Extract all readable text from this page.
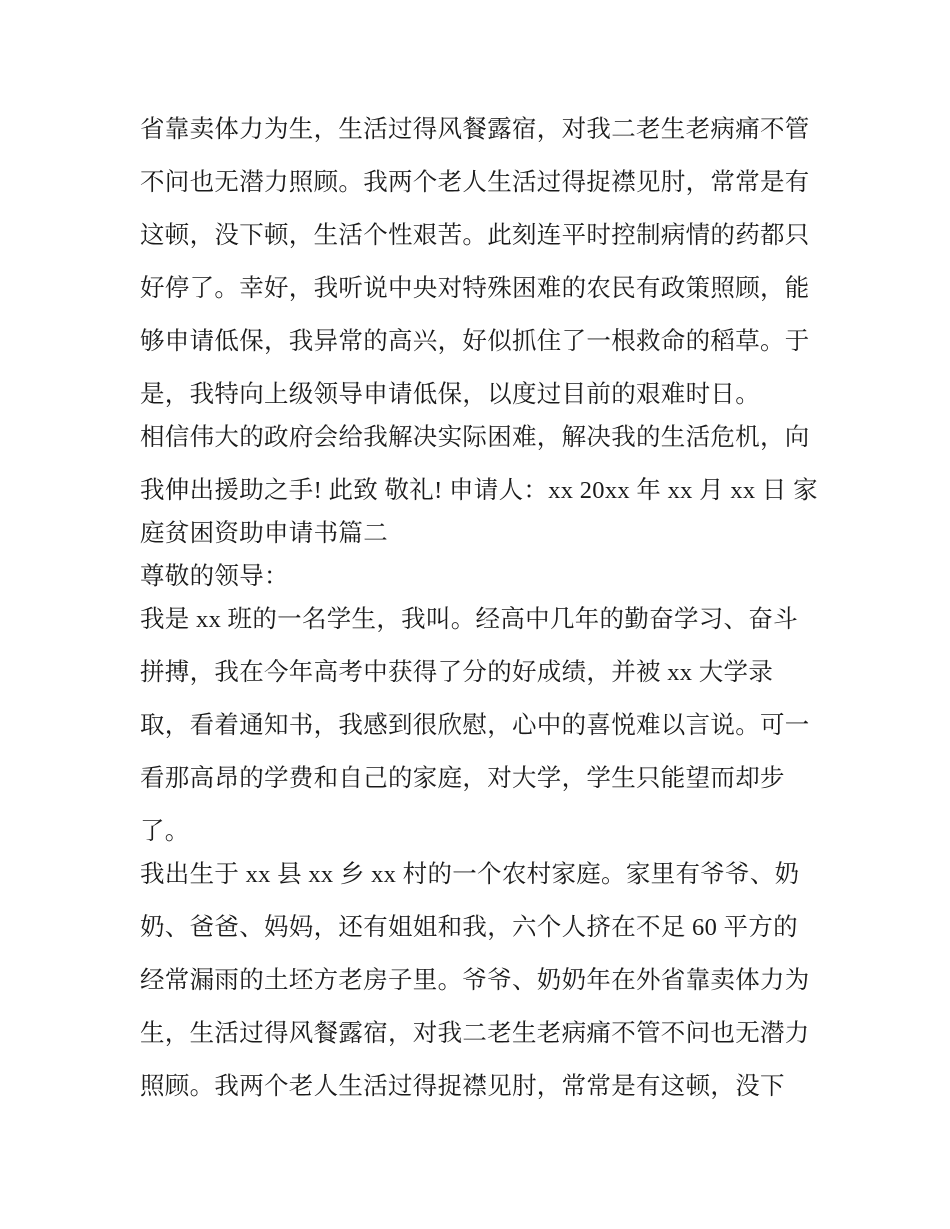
省靠卖体力为生，生活过得风餐露宿，对我二老生老病痛不管
不问也无潜力照顾。我两个老人生活过得捉襟见肘，常常是有
这顿，没下顿，生活个性艰苦。此刻连平时控制病情的药都只
好停了。幸好，我听说中央对特殊困难的农民有政策照顾，能
够申请低保，我异常的高兴，好似抓住了一根救命的稻草。于
是，我特向上级领导申请低保，以度过目前的艰难时日。
相信伟大的政府会给我解决实际困难，解决我的生活危机，向
我伸出援助之手! 此致 敬礼! 申请人：xx 20xx 年 xx 月 xx 日 家
庭贫困资助申请书篇二
尊敬的领导：
我是 xx 班的一名学生，我叫。经高中几年的勤奋学习、奋斗
拼搏，我在今年高考中获得了分的好成绩，并被 xx 大学录
取，看着通知书，我感到很欣慰，心中的喜悦难以言说。可一
看那高昂的学费和自己的家庭，对大学，学生只能望而却步
了。
我出生于 xx 县 xx 乡 xx 村的一个农村家庭。家里有爷爷、奶
奶、爸爸、妈妈，还有姐姐和我，六个人挤在不足 60 平方的
经常漏雨的土坯方老房子里。爷爷、奶奶年在外省靠卖体力为
生，生活过得风餐露宿，对我二老生老病痛不管不问也无潜力
照顾。我两个老人生活过得捉襟见肘，常常是有这顿，没下
